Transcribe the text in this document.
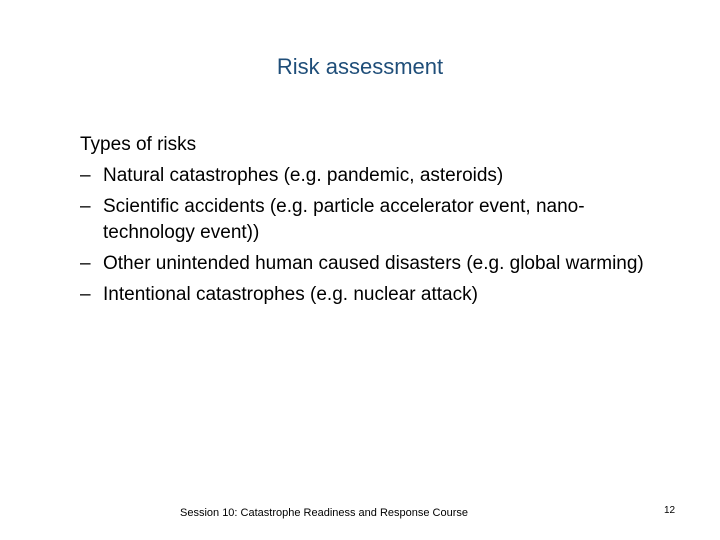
Risk assessment

Types of risks

– Natural catastrophes (e.g. pandemic, asteroids)
– Scientific accidents (e.g. particle accelerator event, nano-technology event))
– Other unintended human caused disasters (e.g. global warming)
– Intentional catastrophes (e.g. nuclear attack)
Session 10: Catastrophe Readiness and Response Course	12
